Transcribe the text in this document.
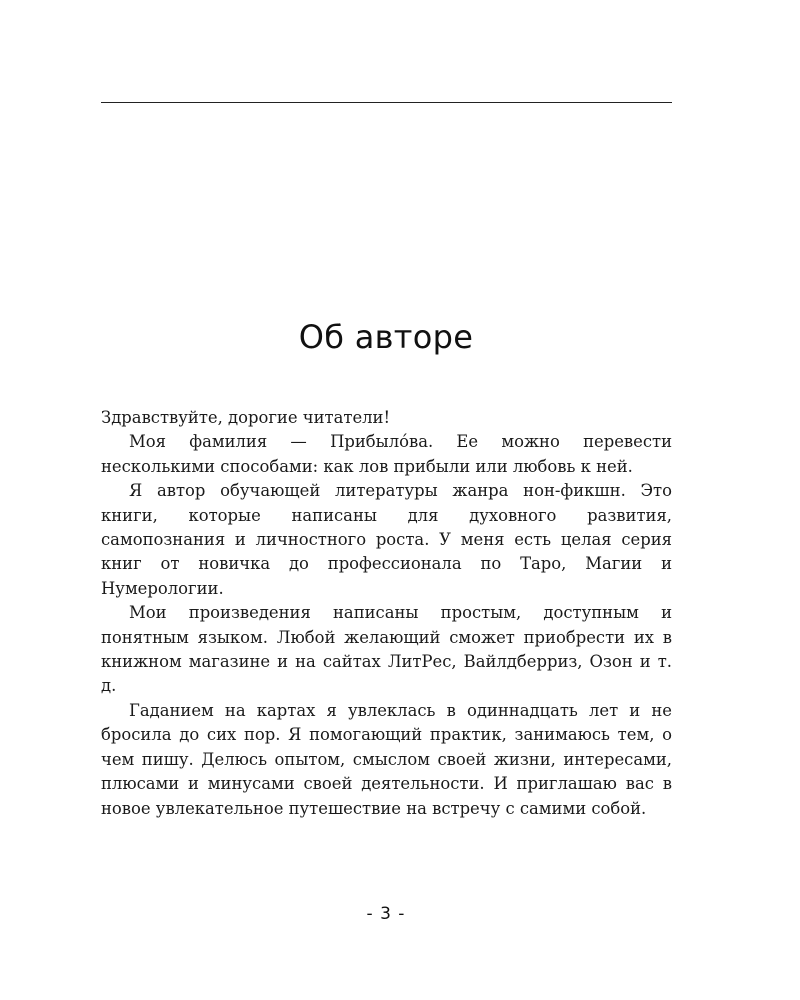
Об авторе

Здравствуйте, дорогие читатели!

Моя фамилия — Прибыло́ва. Ее можно перевести несколькими способами: как лов прибыли или любовь к ней.

Я автор обучающей литературы жанра нон-фикшн. Это книги, которые написаны для духовного развития, самопознания и личностного роста. У меня есть целая серия книг от новичка до профессионала по Таро, Магии и Нумерологии.

Мои произведения написаны простым, доступным и понятным языком. Любой желающий сможет приобрести их в книжном магазине и на сайтах ЛитРес, Вайлдберриз, Озон и т. д.

Гаданием на картах я увлеклась в одиннадцать лет и не бросила до сих пор. Я помогающий практик, занимаюсь тем, о чем пишу. Делюсь опытом, смыслом своей жизни, интересами, плюсами и минусами своей деятельности. И приглашаю вас в новое увлекательное путешествие на встречу с самими собой.

- 3 -
